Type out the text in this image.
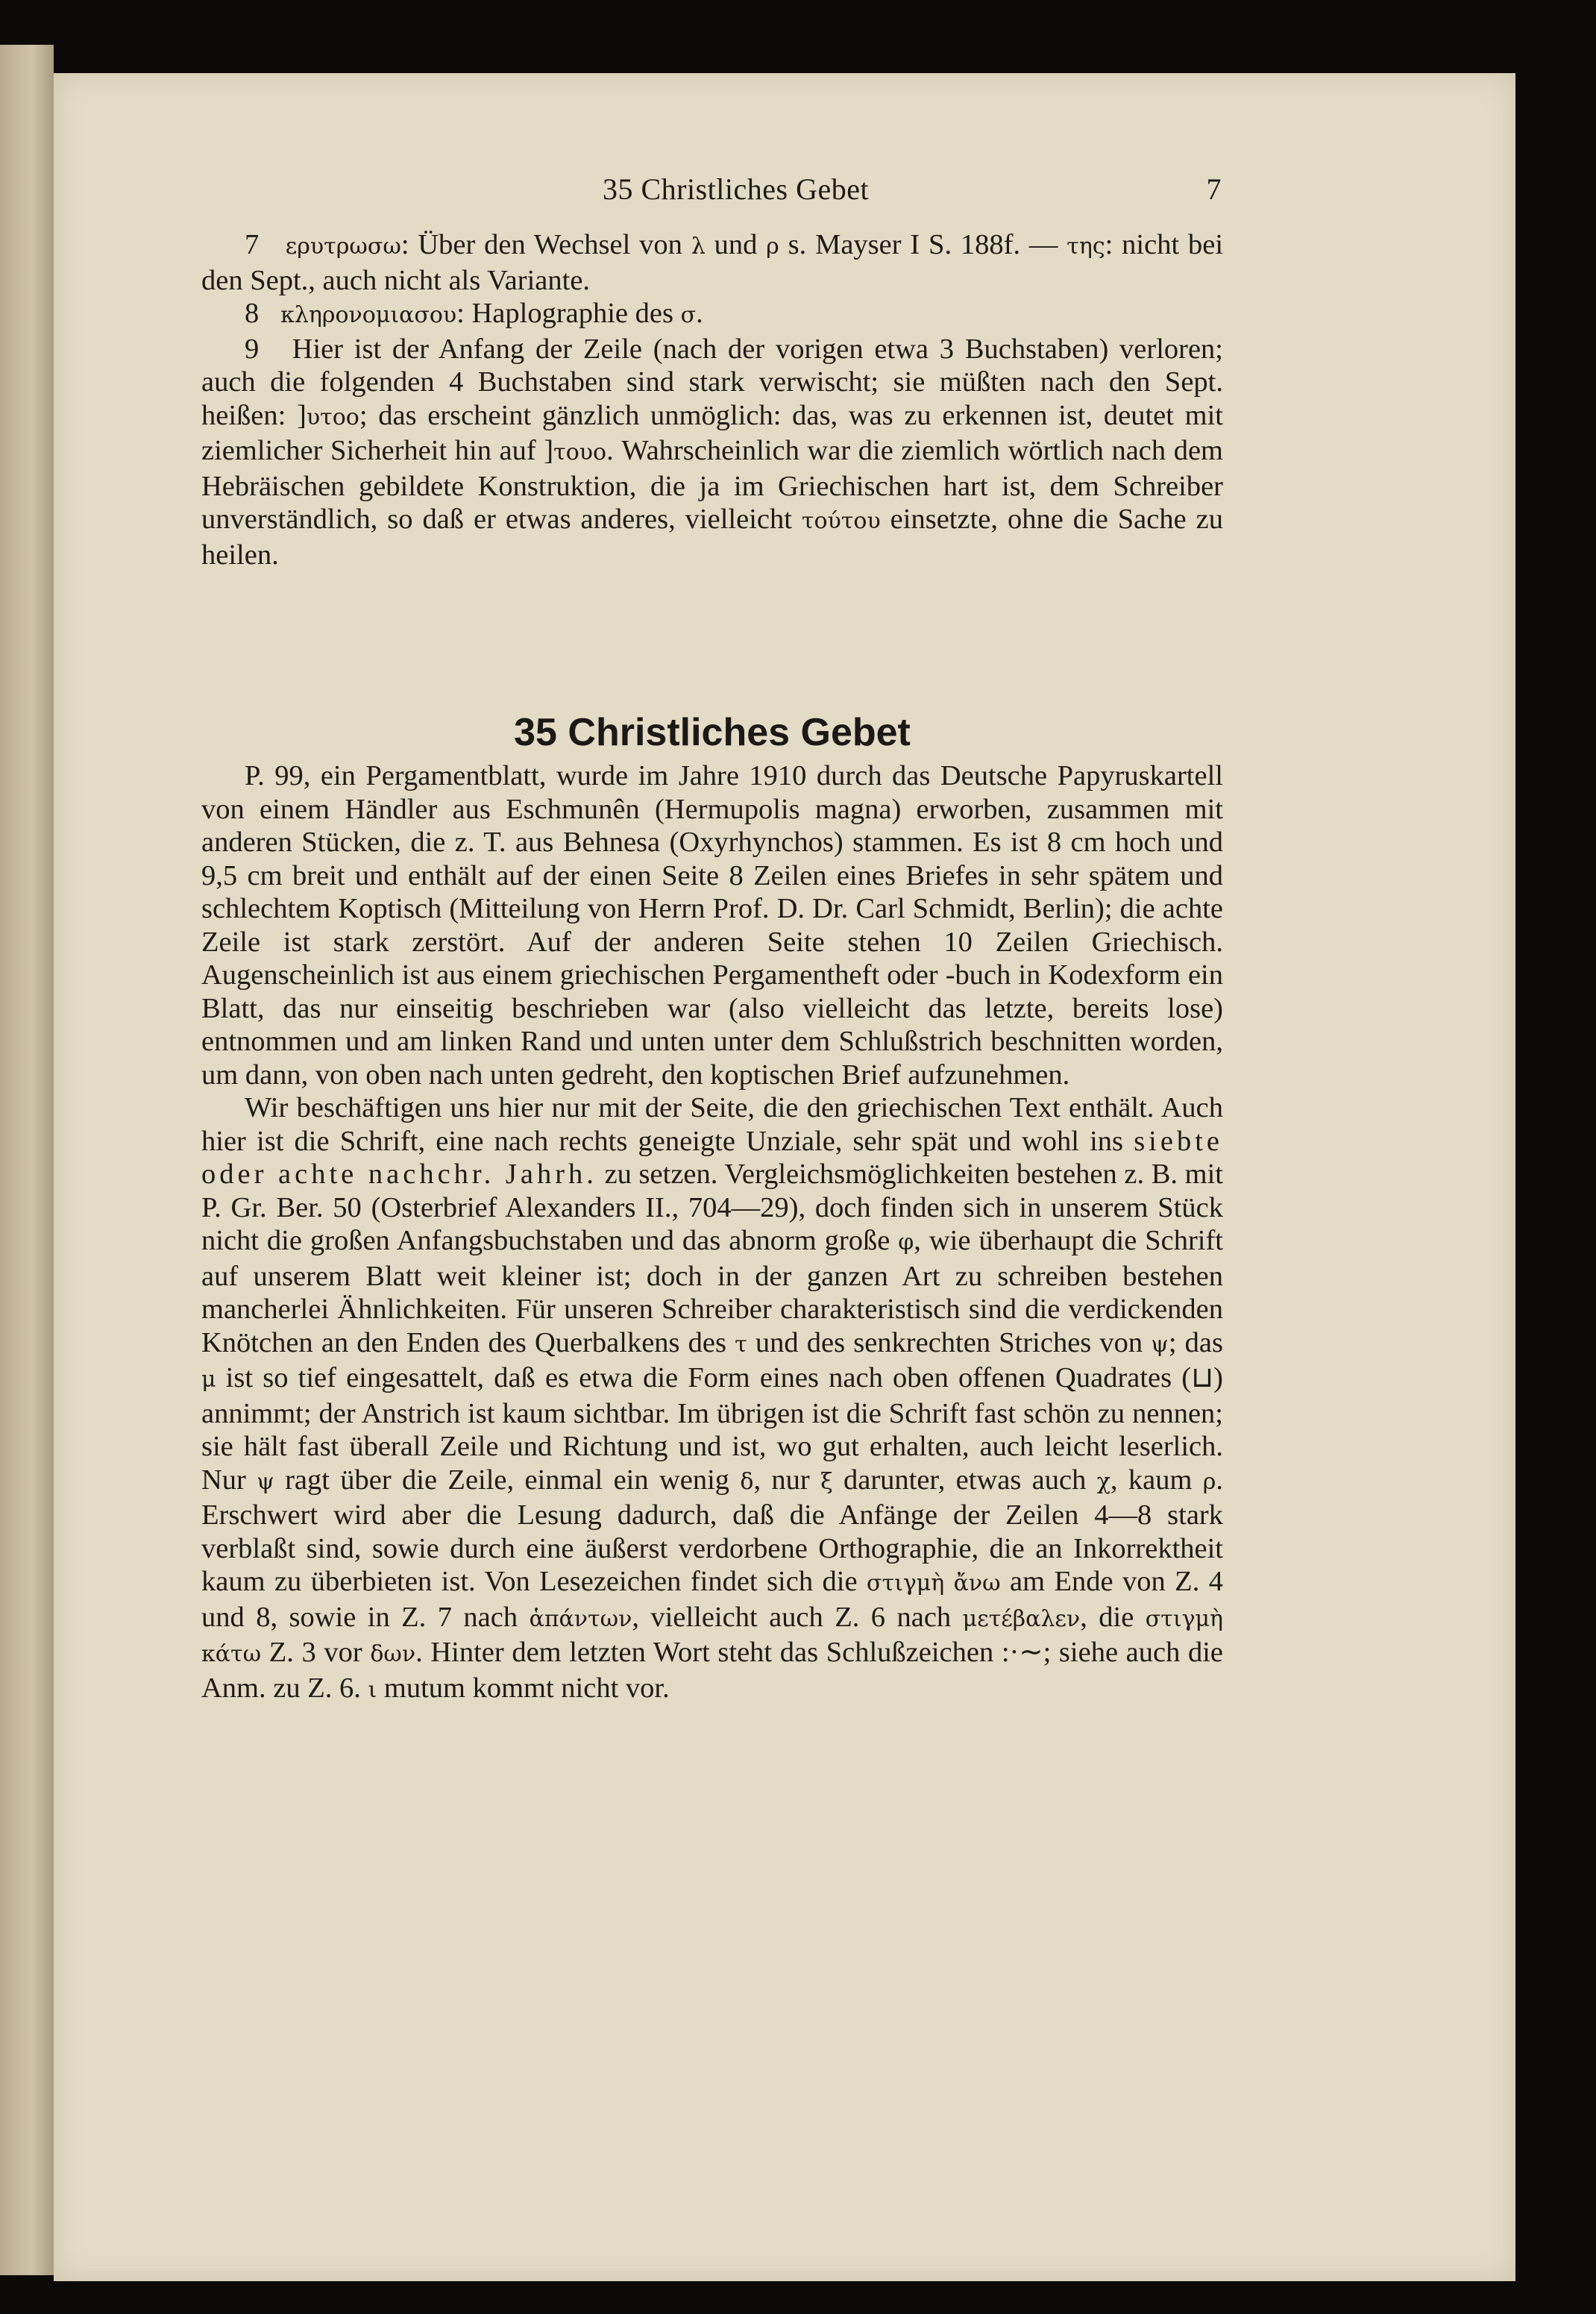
35 Christliches Gebet	7

7 ερυτρωσω: Über den Wechsel von λ und ρ s. Mayser I S. 188f. — της: nicht bei den Sept., auch nicht als Variante.

8 κληρονομιασου: Haplographie des σ.

9 Hier ist der Anfang der Zeile (nach der vorigen etwa 3 Buchstaben) verloren; auch die folgenden 4 Buchstaben sind stark verwischt; sie müßten nach den Sept. heißen: ]υτοο; das erscheint gänzlich unmöglich: das, was zu erkennen ist, deutet mit ziemlicher Sicherheit hin auf ]τουο. Wahrscheinlich war die ziemlich wörtlich nach dem Hebräischen gebildete Konstruktion, die ja im Griechischen hart ist, dem Schreiber unverständlich, so daß er etwas anderes, vielleicht τούτου einsetzte, ohne die Sache zu heilen.

35 Christliches Gebet

P. 99, ein Pergamentblatt, wurde im Jahre 1910 durch das Deutsche Papyruskartell von einem Händler aus Eschmunên (Hermupolis magna) erworben, zusammen mit anderen Stücken, die z. T. aus Behnesa (Oxyrhynchos) stammen. Es ist 8 cm hoch und 9,5 cm breit und enthält auf der einen Seite 8 Zeilen eines Briefes in sehr spätem und schlechtem Koptisch (Mitteilung von Herrn Prof. D. Dr. Carl Schmidt, Berlin); die achte Zeile ist stark zerstört. Auf der anderen Seite stehen 10 Zeilen Griechisch. Augenscheinlich ist aus einem griechischen Pergamentheft oder -buch in Kodexform ein Blatt, das nur einseitig beschrieben war (also vielleicht das letzte, bereits lose) entnommen und am linken Rand und unten unter dem Schlußstrich beschnitten worden, um dann, von oben nach unten gedreht, den koptischen Brief aufzunehmen.

Wir beschäftigen uns hier nur mit der Seite, die den griechischen Text enthält. Auch hier ist die Schrift, eine nach rechts geneigte Unziale, sehr spät und wohl ins siebte oder achte nachchr. Jahrh. zu setzen. Vergleichsmöglichkeiten bestehen z. B. mit P. Gr. Ber. 50 (Osterbrief Alexanders II., 704—29), doch finden sich in unserem Stück nicht die großen Anfangsbuchstaben und das abnorm große φ, wie überhaupt die Schrift auf unserem Blatt weit kleiner ist; doch in der ganzen Art zu schreiben bestehen mancherlei Ähnlichkeiten. Für unseren Schreiber charakteristisch sind die verdickenden Knötchen an den Enden des Querbalkens des τ und des senkrechten Striches von ψ; das μ ist so tief eingesattelt, daß es etwa die Form eines nach oben offenen Quadrates (⊔) annimmt; der Anstrich ist kaum sichtbar. Im übrigen ist die Schrift fast schön zu nennen; sie hält fast überall Zeile und Richtung und ist, wo gut erhalten, auch leicht leserlich. Nur ψ ragt über die Zeile, einmal ein wenig δ, nur ξ darunter, etwas auch χ, kaum ρ. Erschwert wird aber die Lesung dadurch, daß die Anfänge der Zeilen 4—8 stark verblaßt sind, sowie durch eine äußerst verdorbene Orthographie, die an Inkorrektheit kaum zu überbieten ist. Von Lesezeichen findet sich die στιγμὴ ἄνω am Ende von Z. 4 und 8, sowie in Z. 7 nach ἁπάντων, vielleicht auch Z. 6 nach μετέβαλεν, die στιγμὴ κάτω Z. 3 vor δων. Hinter dem letzten Wort steht das Schlußzeichen :·∼; siehe auch die Anm. zu Z. 6. ι mutum kommt nicht vor.
